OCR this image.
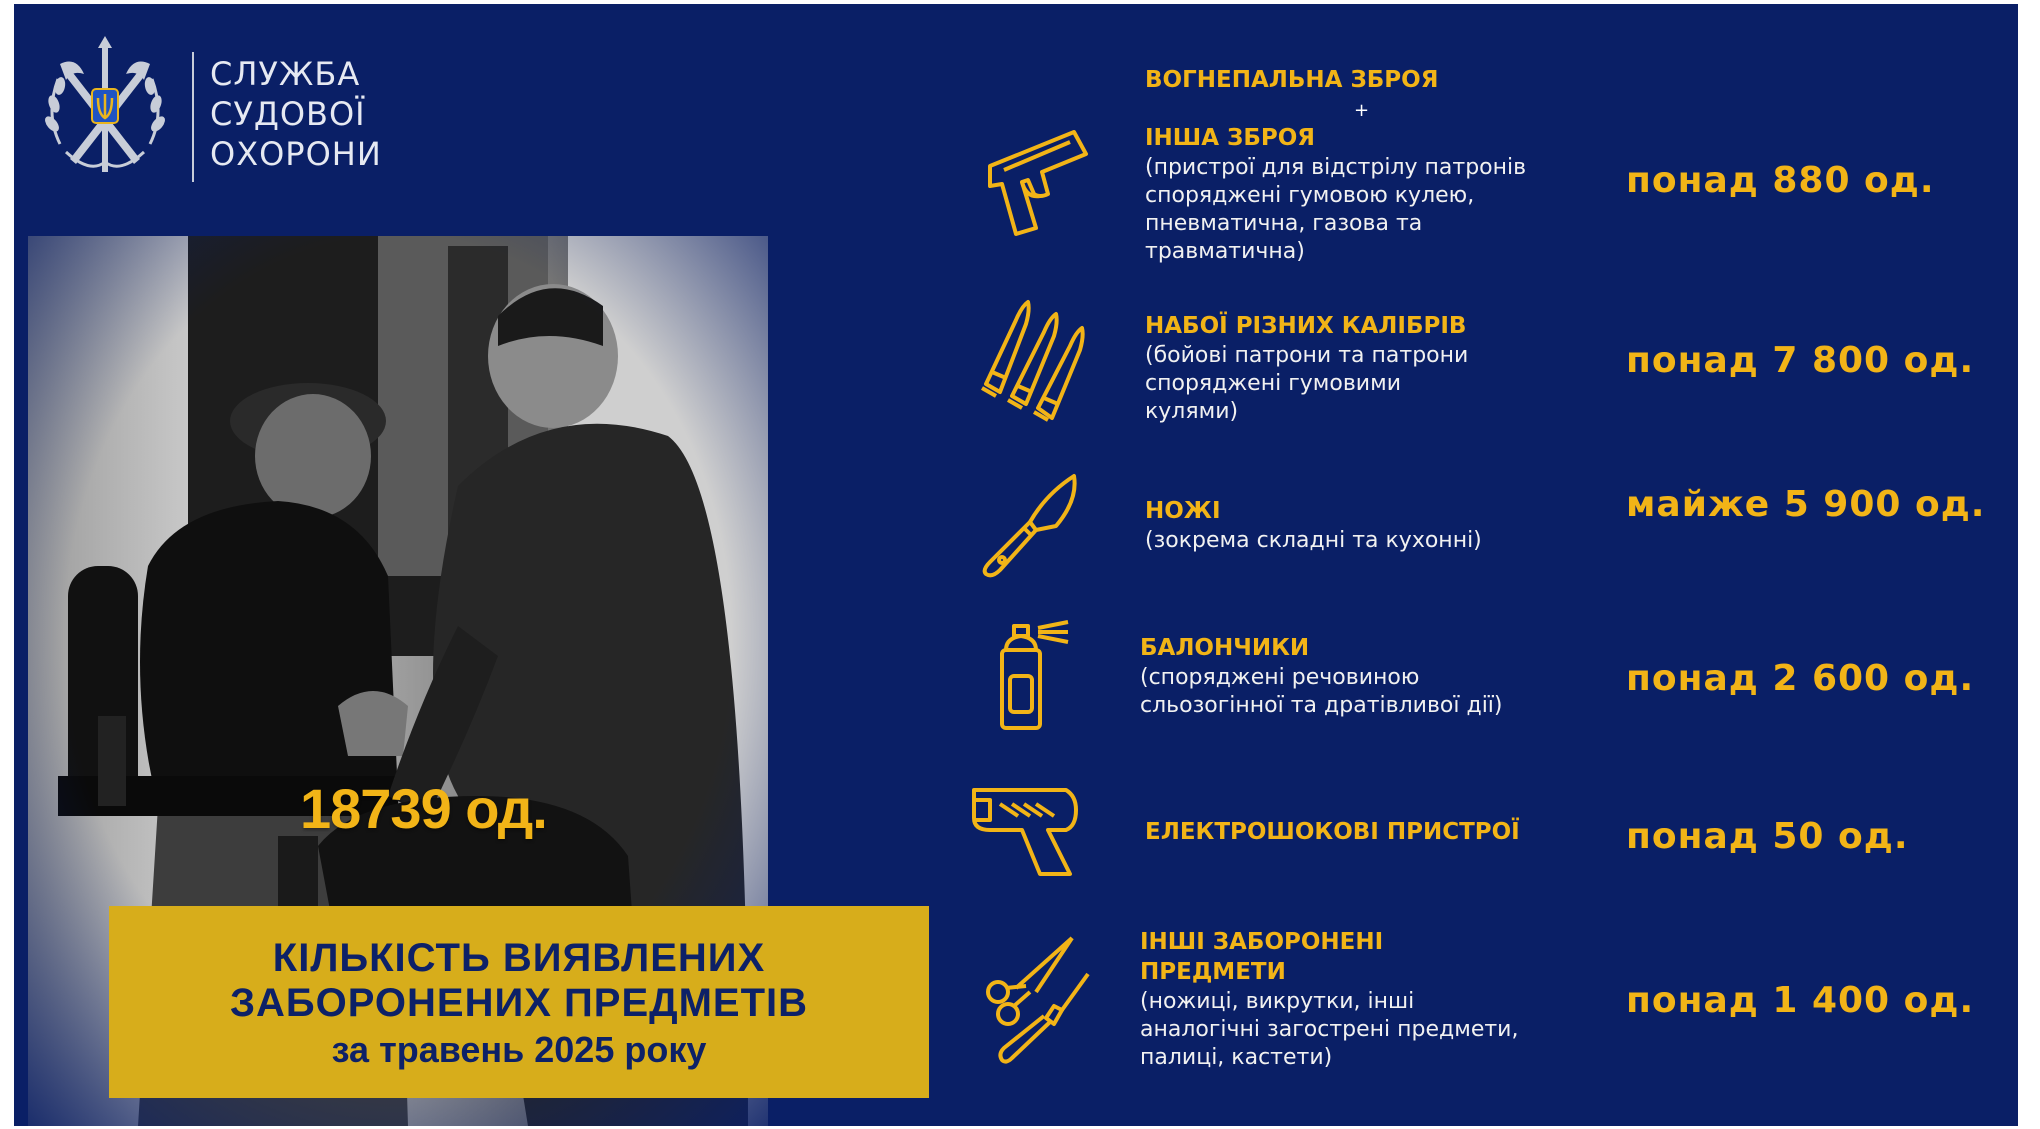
СЛУЖБА
СУДОВОЇ
ОХОРОНИ
18739 од.
КІЛЬКІСТЬ ВИЯВЛЕНИХ
ЗАБОРОНЕНИХ ПРЕДМЕТІВ
за травень 2025 року
ВОГНЕПАЛЬНА ЗБРОЯ
+
ІНША ЗБРОЯ
(пристрої для відстрілу патронів
споряджені гумовою кулею,
пневматична, газова та
травматична)
понад 880 од.
НАБОЇ РІЗНИХ КАЛІБРІВ
(бойові патрони та патрони
споряджені гумовими
кулями)
понад 7 800 од.
НОЖІ
(зокрема складні та кухонні)
майже 5 900 од.
БАЛОНЧИКИ
(споряджені речовиною
сльозогінної та дратівливої дії)
понад 2 600 од.
ЕЛЕКТРОШОКОВІ ПРИСТРОЇ	понад 50 од.
ІНШІ ЗАБОРОНЕНІ
ПРЕДМЕТИ
(ножиці, викрутки, інші
аналогічні загострені предмети,
палиці, кастети)
понад 1 400 од.
